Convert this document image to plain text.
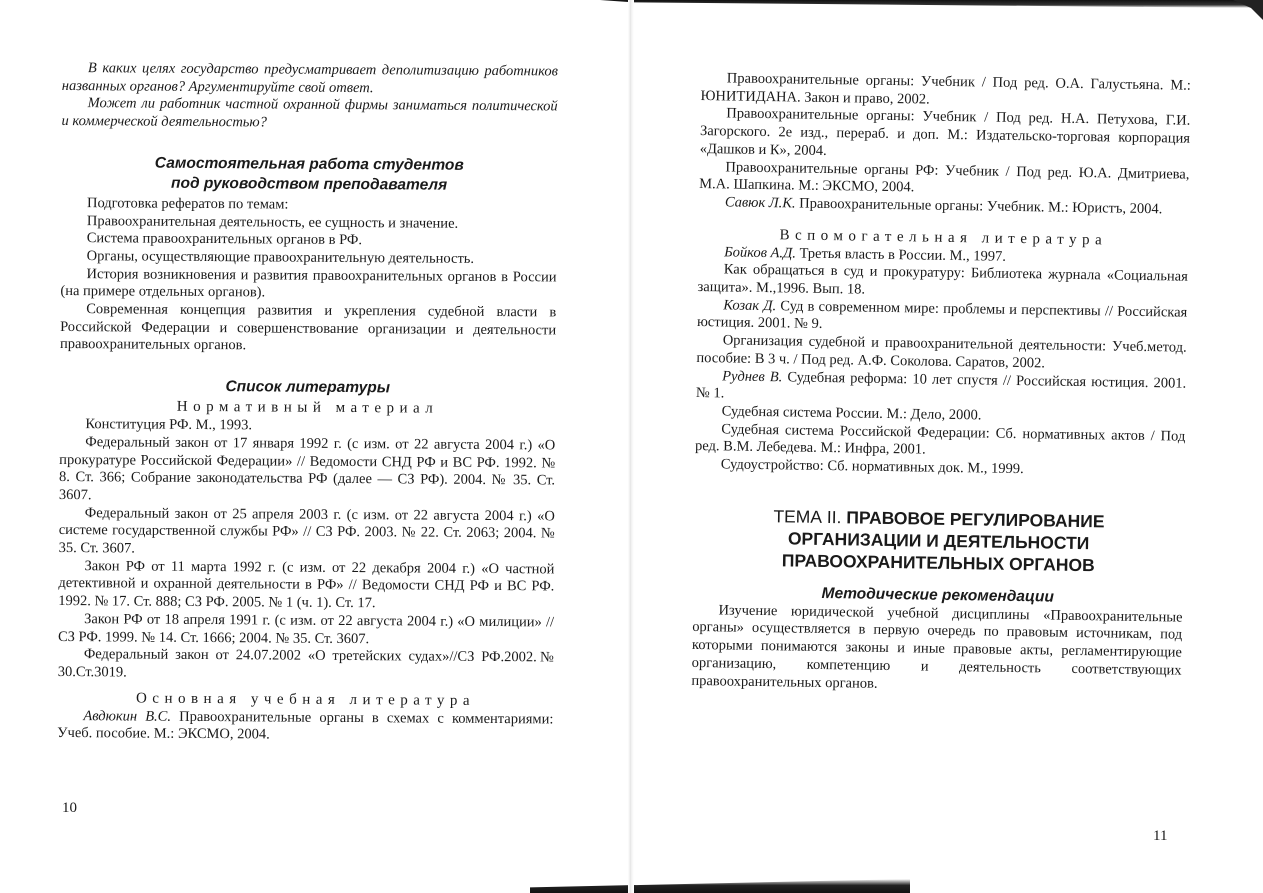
В каких целях государство предусматривает деполитизацию работников названных органов? Аргументируйте свой ответ.

Может ли работник частной охранной фирмы заниматься политической и коммерческой деятельностью?

Самостоятельная работа студентов
под руководством преподавателя

Подготовка рефератов по темам:

Правоохранительная деятельность, ее сущность и значение.

Система правоохранительных органов в РФ.

Органы, осуществляющие правоохранительную деятельность.

История возникновения и развития правоохранительных органов в России (на примере отдельных органов).

Современная концепция развития и укрепления судебной власти в Российской Федерации и совершенствование организации и деятельности правоохранительных органов.

Список литературы
Нормативный материал

Конституция РФ. М., 1993.

Федеральный закон от 17 января 1992 г. (с изм. от 22 августа 2004 г.) «О прокуратуре Российской Федерации» // Ведомости СНД РФ и ВС РФ. 1992. № 8. Ст. 366; Собрание законодательства РФ (далее — СЗ РФ). 2004. № 35. Ст. 3607.

Федеральный закон от 25 апреля 2003 г. (с изм. от 22 августа 2004 г.) «О системе государственной службы РФ» // СЗ РФ. 2003. № 22. Ст. 2063; 2004. № 35. Ст. 3607.

Закон РФ от 11 марта 1992 г. (с изм. от 22 декабря 2004 г.) «О частной детективной и охранной деятельности в РФ» // Ведомости СНД РФ и ВС РФ. 1992. № 17. Ст. 888; СЗ РФ. 2005. № 1 (ч. 1). Ст. 17.

Закон РФ от 18 апреля 1991 г. (с изм. от 22 августа 2004 г.) «О милиции» // СЗ РФ. 1999. № 14. Ст. 1666; 2004. № 35. Ст. 3607.

Федеральный закон от 24.07.2002 «О третейских судах»//СЗ РФ.2002.№ 30.Ст.3019.

Основная учебная литература

Авдюкин В.С. Правоохранительные органы в схемах с комментариями: Учеб. пособие. М.: ЭКСМО, 2004.

10

Правоохранительные органы: Учебник / Под ред. О.А. Галустьяна. М.: ЮНИТИДАНА. Закон и право, 2002.

Правоохранительные органы: Учебник / Под ред. Н.А. Петухова, Г.И. Загорского. 2е изд., перераб. и доп. М.: Издательско-торговая корпорация «Дашков и К», 2004.

Правоохранительные органы РФ: Учебник / Под ред. Ю.А. Дмитриева, М.А. Шапкина. М.: ЭКСМО, 2004.

Савюк Л.К. Правоохранительные органы: Учебник. М.: Юристъ, 2004.

Вспомогательная литература

Бойков А.Д. Третья власть в России. М., 1997.

Как обращаться в суд и прокуратуру: Библиотека журнала «Социальная защита». М.,1996. Вып. 18.

Козак Д. Суд в современном мире: проблемы и перспективы // Российская юстиция. 2001. № 9.

Организация судебной и правоохранительной деятельности: Учеб.метод. пособие: В 3 ч. / Под ред. А.Ф. Соколова. Саратов, 2002.

Руднев В. Судебная реформа: 10 лет спустя // Российская юстиция. 2001. № 1.

Судебная система России. М.: Дело, 2000.

Судебная система Российской Федерации: Сб. нормативных актов / Под ред. В.М. Лебедева. М.: Инфра, 2001.

Судоустройство: Сб. нормативных док. М., 1999.

ТЕМА II. ПРАВОВОЕ РЕГУЛИРОВАНИЕ
ОРГАНИЗАЦИИ И ДЕЯТЕЛЬНОСТИ
ПРАВООХРАНИТЕЛЬНЫХ ОРГАНОВ
Методические рекомендации

Изучение юридической учебной дисциплины «Правоохранительные органы» осуществляется в первую очередь по правовым источникам, под которыми понимаются законы и иные правовые акты, регламентирующие организацию, компетенцию и деятельность соответствующих правоохранительных органов.

11
